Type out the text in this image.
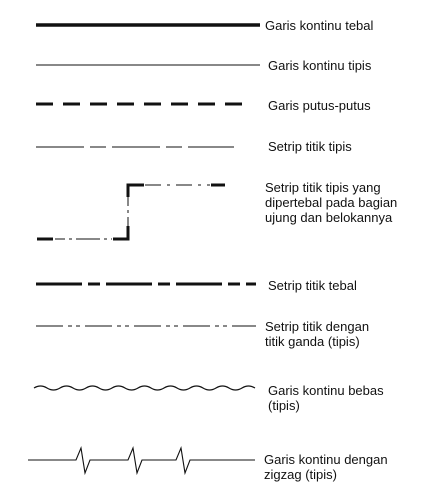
Garis kontinu tebal
Garis kontinu tipis
Garis putus-putus
Setrip titik tipis
Setrip titik tipis yang
dipertebal pada bagian
ujung dan belokannya
Setrip titik tebal
Setrip titik dengan
titik ganda (tipis)
Garis kontinu bebas
(tipis)
Garis kontinu dengan
zigzag (tipis)
